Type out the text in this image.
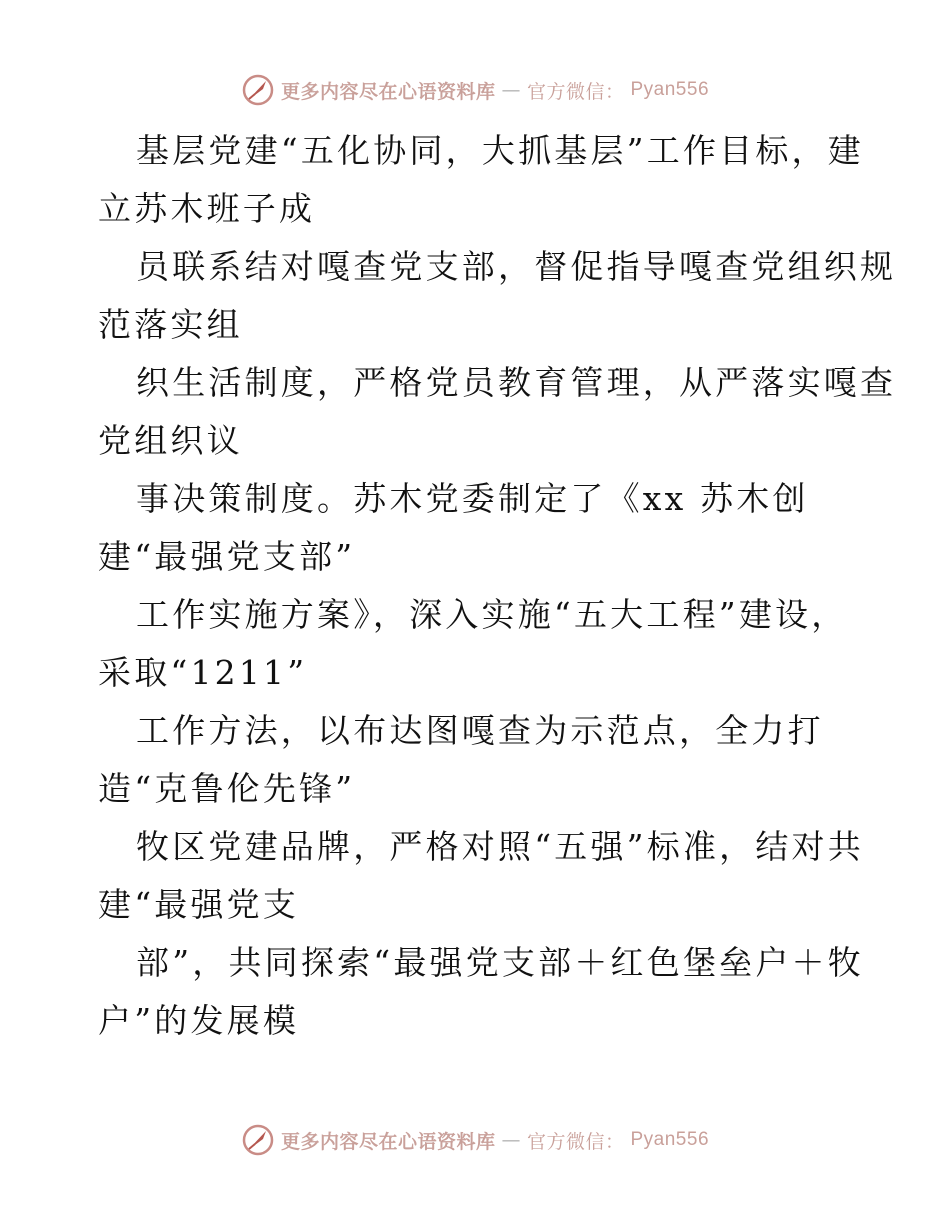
更多内容尽在心语资料库 — 官方微信： Pyan556

基层党建“五化协同，大抓基层”工作目标，建
立苏木班子成

员联系结对嘎查党支部，督促指导嘎查党组织规
范落实组

织生活制度，严格党员教育管理，从严落实嘎查
党组织议

事决策制度。苏木党委制定了《xx 苏木创
建“最强党支部”

工作实施方案》，深入实施“五大工程”建设，
采取“1211”

工作方法，以布达图嘎查为示范点，全力打
造“克鲁伦先锋”

牧区党建品牌，严格对照“五强”标准，结对共
建“最强党支

部”，共同探索“最强党支部＋红色堡垒户＋牧
户”的发展模

更多内容尽在心语资料库 — 官方微信： Pyan556
